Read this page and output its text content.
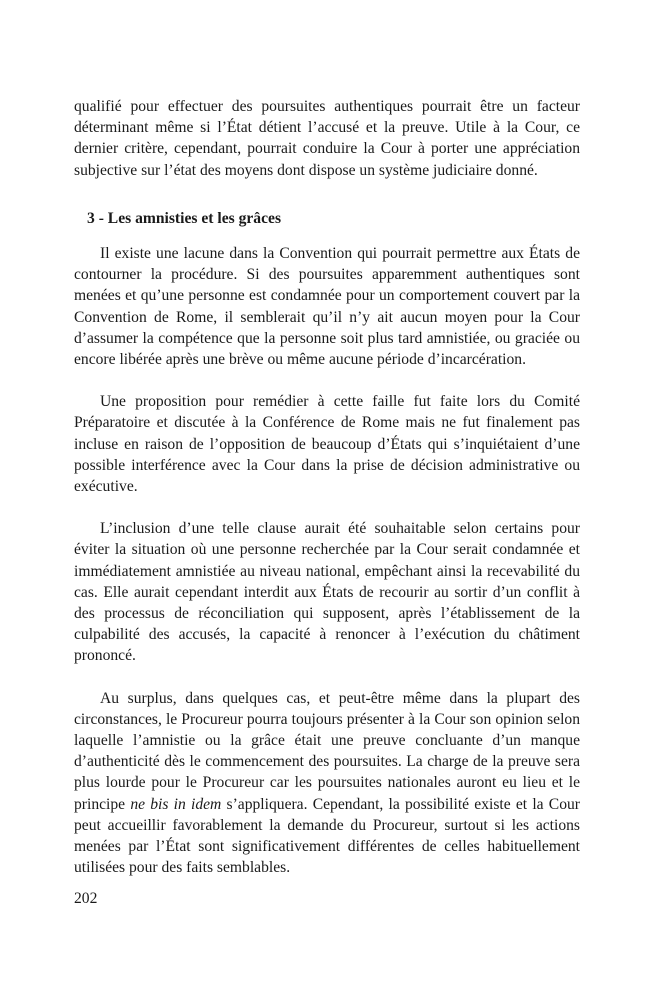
qualifié pour effectuer des poursuites authentiques pourrait être un facteur déterminant même si l’État détient l’accusé et la preuve. Utile à la Cour, ce dernier critère, cependant, pourrait conduire la Cour à porter une appréciation subjective sur l’état des moyens dont dispose un système judiciaire donné.

3 - Les amnisties et les grâces

Il existe une lacune dans la Convention qui pourrait permettre aux États de contourner la procédure. Si des poursuites apparemment authentiques sont menées et qu’une personne est condamnée pour un comportement couvert par la Convention de Rome, il semblerait qu’il n’y ait aucun moyen pour la Cour d’assumer la compétence que la personne soit plus tard amnistiée, ou graciée ou encore libérée après une brève ou même aucune période d’incarcération.

Une proposition pour remédier à cette faille fut faite lors du Comité Préparatoire et discutée à la Conférence de Rome mais ne fut finalement pas incluse en raison de l’opposition de beaucoup d’États qui s’inquiétaient d’une possible interférence avec la Cour dans la prise de décision administrative ou exécutive.

L’inclusion d’une telle clause aurait été souhaitable selon certains pour éviter la situation où une personne recherchée par la Cour serait condamnée et immédiatement amnistiée au niveau national, empêchant ainsi la recevabilité du cas. Elle aurait cependant interdit aux États de recourir au sortir d’un conflit à des processus de réconciliation qui supposent, après l’établissement de la culpabilité des accusés, la capacité à renoncer à l’exécution du châtiment prononcé.

Au surplus, dans quelques cas, et peut-être même dans la plupart des circonstances, le Procureur pourra toujours présenter à la Cour son opinion selon laquelle l’amnistie ou la grâce était une preuve concluante d’un manque d’authenticité dès le commencement des poursuites. La charge de la preuve sera plus lourde pour le Procureur car les poursuites nationales auront eu lieu et le principe ne bis in idem s’appliquera. Cependant, la possibilité existe et la Cour peut accueillir favorablement la demande du Procureur, surtout si les actions menées par l’État sont significativement différentes de celles habituellement utilisées pour des faits semblables.

202
